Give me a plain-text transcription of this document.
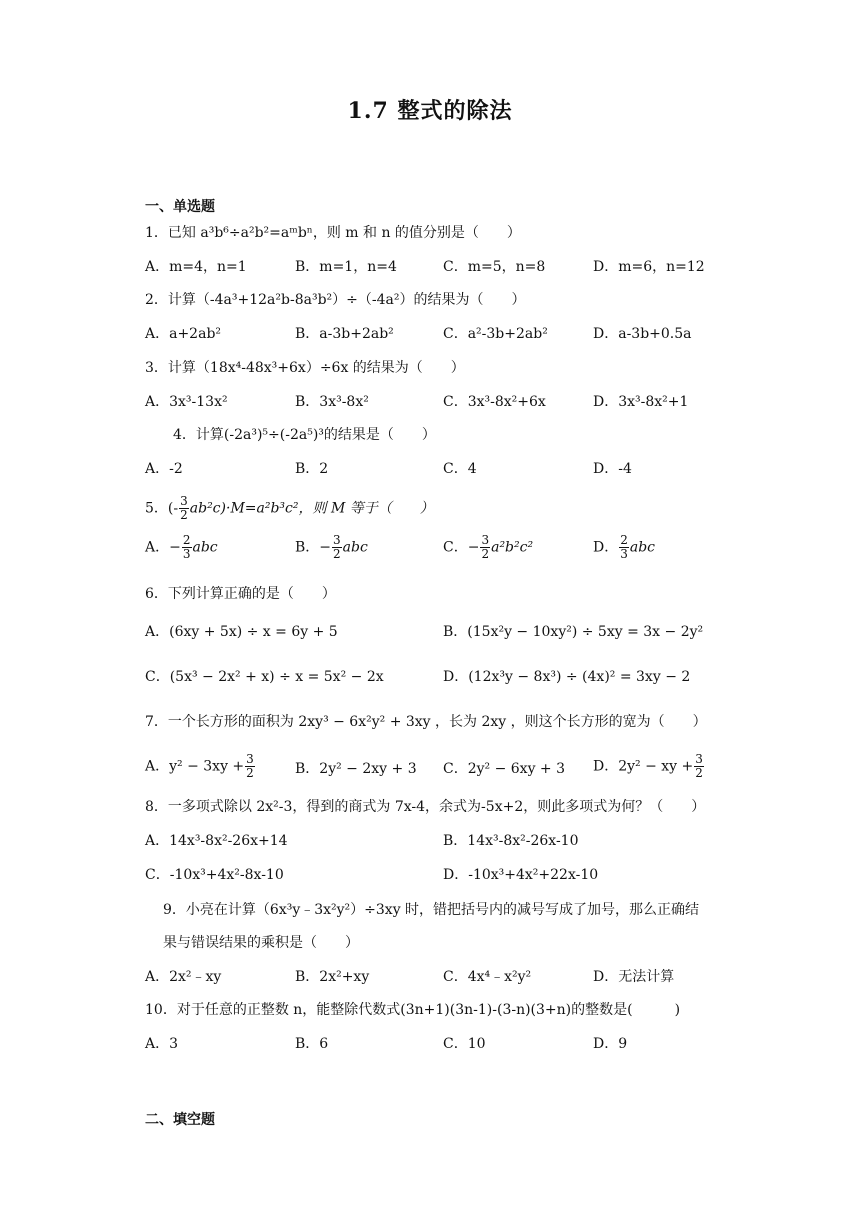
1.7 整式的除法
一、单选题
1．已知 a³b⁶÷a²b²=aᵐbⁿ，则 m 和 n 的值分别是（　　）
A．m=4，n=1	B．m=1，n=4	C．m=5，n=8	D．m=6，n=12
2．计算（-4a³+12a²b-8a³b²）÷（-4a²）的结果为（　　）
A．a+2ab²	B．a-3b+2ab²	C．a²-3b+2ab²	D．a-3b+0.5a
3．计算（18x⁴-48x³+6x）÷6x 的结果为（　　）
A．3x³-13x²	B．3x³-8x²	C．3x³-8x²+6x	D．3x³-8x²+1
4．计算(-2a³)⁵÷(-2a⁵)³的结果是（　　）
A．-2	B．2	C．4	D．-4
5．(- $\frac{3}{2} ab^2c)\cdot M=a^2b^3c^2$，则 M 等于（　　）
A．− $\frac{2}{3}$ abc	B．− $\frac{3}{2}$ abc	C．− $\frac{3}{2} a^2b^2c^2$	D． $\frac{2}{3}$ abc
6．下列计算正确的是（　　）
A．(6xy + 5x) ÷ x = 6y + 5	B．(15x²y − 10xy²) ÷ 5xy = 3x − 2y²
C．(5x³ − 2x² + x) ÷ x = 5x² − 2x	D．(12x³y − 8x³) ÷ (4x)² = 3xy − 2
7．一个长方形的面积为 2xy³ − 6x²y² + 3xy ，长为 2xy ，则这个长方形的宽为（　　）
A．$y^2 - 3xy + \frac{3}{2}$	B．2y² − 2xy + 3 C．2y² − 6xy + 3 D．2y² − xy + $\frac{3}{2}$
8．一多项式除以 2x²-3，得到的商式为 7x-4，余式为-5x+2，则此多项式为何？（　　）
A．14x³-8x²-26x+14	B．14x³-8x²-26x-10
C．-10x³+4x²-8x-10	D．-10x³+4x²+22x-10
9．小亮在计算（6x³y﹣3x²y²）÷3xy 时，错把括号内的减号写成了加号，那么正确结
果与错误结果的乘积是（　　）
A．2x²﹣xy	B．2x²+xy	C．4x⁴﹣x²y²	D．无法计算
10．对于任意的正整数 n，能整除代数式(3n+1)(3n-1)-(3-n)(3+n)的整数是(　　　)
A．3	B．6	C．10	D．9
二、填空题
